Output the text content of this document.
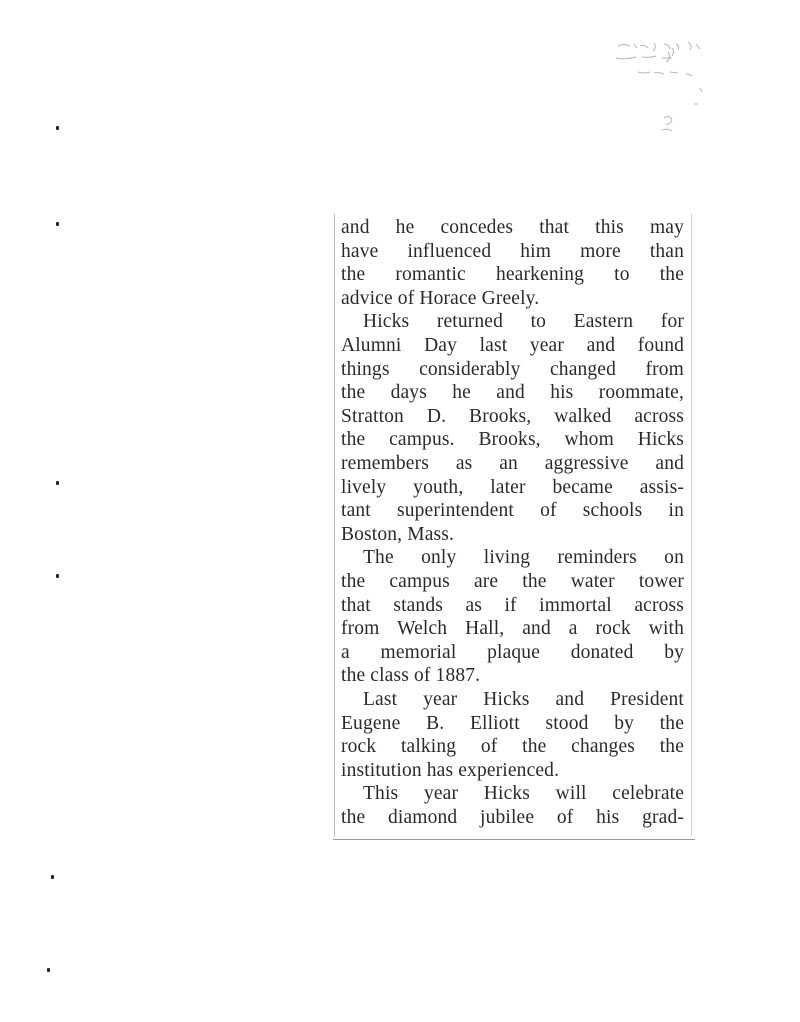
and he concedes that this may
have influenced him more than
the romantic hearkening to the
advice of Horace Greely.
Hicks returned to Eastern for
Alumni Day last year and found
things considerably changed from
the days he and his roommate,
Stratton D. Brooks, walked across
the campus. Brooks, whom Hicks
remembers as an aggressive and
lively youth, later became assis-
tant superintendent of schools in
Boston, Mass.
The only living reminders on
the campus are the water tower
that stands as if immortal across
from Welch Hall, and a rock with
a memorial plaque donated by
the class of 1887.
Last year Hicks and President
Eugene B. Elliott stood by the
rock talking of the changes the
institution has experienced.
This year Hicks will celebrate
the diamond jubilee of his grad-
